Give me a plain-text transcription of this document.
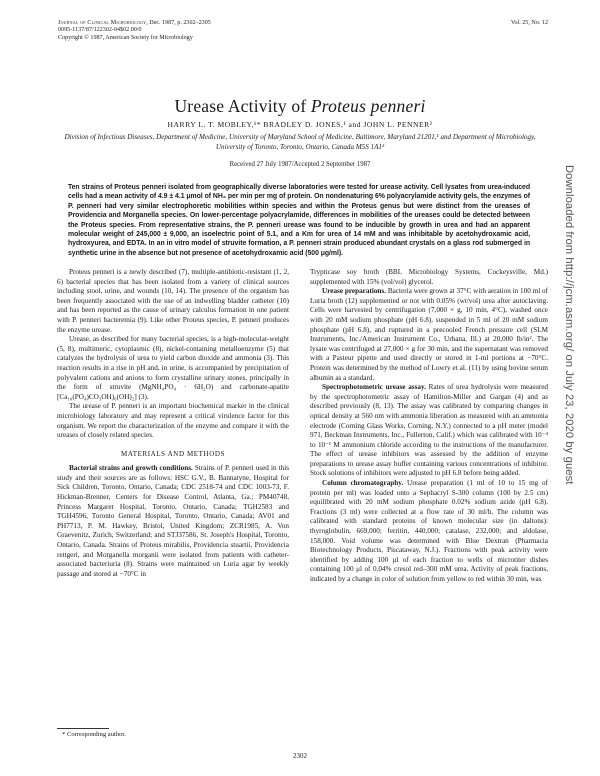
Journal of Clinical Microbiology, Dec. 1987, p. 2302–2305
0095-1137/87/122302-04$02.00/0
Copyright © 1987, American Society for Microbiology
Vol. 25, No. 12
Urease Activity of Proteus penneri
HARRY L. T. MOBLEY,¹* BRADLEY D. JONES,¹ and JOHN L. PENNER²
Division of Infectious Diseases, Department of Medicine, University of Maryland School of Medicine, Baltimore, Maryland 21201,¹ and Department of Microbiology, University of Toronto, Toronto, Ontario, Canada M5S 1A1²
Received 27 July 1987/Accepted 2 September 1987
Ten strains of Proteus penneri isolated from geographically diverse laboratories were tested for urease activity. Cell lysates from urea-induced cells had a mean activity of 4.9 ± 4.1 μmol of NH₃ per min per mg of protein. On nondenaturing 6% polyacrylamide activity gels, the enzymes of P. penneri had very similar electrophoretic mobilities within species and within the Proteus genus but were distinct from the ureases of Providencia and Morganella species. On lower-percentage polyacrylamide, differences in mobilities of the ureases could be detected between the Proteus species. From representative strains, the P. penneri urease was found to be inducible by growth in urea and had an apparent molecular weight of 245,000 ± 9,000, an isoelectric point of 5.1, and a Km for urea of 14 mM and was inhibitable by acetohydroxamic acid, hydroxyurea, and EDTA. In an in vitro model of struvite formation, a P. penneri strain produced abundant crystals on a glass rod submerged in synthetic urine in the absence but not presence of acetohydroxamic acid (500 μg/ml).

Proteus penneri is a newly described (7), multiple-antibiotic-resistant (1, 2, 6) bacterial species that has been isolated from a variety of clinical sources including stool, urine, and wounds (10, 14). The presence of the organism has been frequently associated with the use of an indwelling bladder catheter (10) and has been reported as the cause of urinary calculus formation in one patient with P. penneri bacteremia (9). Like other Proteus species, P. penneri produces the enzyme urease.

Urease, as described for many bacterial species, is a high-molecular-weight (5, 8), multimeric, cytoplasmic (8), nickel-containing metalloenzyme (5) that catalyzes the hydrolysis of urea to yield carbon dioxide and ammonia (3). This reaction results in a rise in pH and, in urine, is accompanied by precipitation of polyvalent cations and anions to form crystalline urinary stones, principally in the form of struvite (MgNH₄PO₄ · 6H₂O) and carbonate-apatite [Ca₁₀(PO₄)CO₃OH)₆(OH)₂] (3).

The urease of P. penneri is an important biochemical marker in the clinical microbiology laboratory and may represent a critical virulence factor for this organism. We report the characterization of the enzyme and compare it with the ureases of closely related species.

MATERIALS AND METHODS

Bacterial strains and growth conditions. Strains of P. penneri used in this study and their sources are as follows: HSC G.V., B. Bannatyne, Hospital for Sick Children, Toronto, Ontario, Canada; CDC 2518-74 and CDC 1003-73, F. Hickman-Brenner, Centers for Disease Control, Atlanta, Ga.; PM40748, Princess Margaret Hospital, Toronto, Ontario, Canada; TGH2583 and TGH4596, Toronto General Hospital, Toronto, Ontario, Canada; AV01 and PH7713, P. M. Hawkey, Bristol, United Kingdom; ZCR1985, A. Von Graevenitz, Zurich, Switzerland; and STJ37586, St. Joseph's Hospital, Toronto, Ontario, Canada. Strains of Proteus mirabilis, Providencia stuartii, Providencia rettgeri, and Morganella morganii were isolated from patients with catheter-associated bacteriuria (8). Strains were maintained on Luria agar by weekly passage and stored at −70°C in

Trypticase soy broth (BBL Microbiology Systems, Cockeysville, Md.) supplemented with 15% (vol/vol) glycerol.

Urease preparations. Bacteria were grown at 37°C with aeration in 100 ml of Luria broth (12) supplemented or not with 0.05% (wt/vol) urea after autoclaving. Cells were harvested by centrifugation (7,000 × g, 10 min, 4°C), washed once with 20 mM sodium phosphate (pH 6.8), suspended in 5 ml of 20 mM sodium phosphate (pH 6.8), and ruptured in a precooled French pressure cell (SLM Instruments, Inc./American Instrument Co., Urbana, Ill.) at 20,000 lb/in². The lysate was centrifuged at 27,000 × g for 30 min, and the supernatant was removed with a Pasteur pipette and used directly or stored in 1-ml portions at −70°C. Protein was determined by the method of Lowry et al. (11) by using bovine serum albumin as a standard.

Spectrophotometric urease assay. Rates of urea hydrolysis were measured by the spectrophotometric assay of Hamilton-Miller and Gargan (4) and as described previously (8, 13). The assay was calibrated by comparing changes in optical density at 560 nm with ammonia liberation as measured with an ammonia electrode (Corning Glass Works, Corning, N.Y.) connected to a pH meter (model 971, Beckman Instruments, Inc., Fullerton, Calif.) which was calibrated with 10⁻⁴ to 10⁻¹ M ammonium chloride according to the instructions of the manufacturer. The effect of urease inhibitors was assessed by the addition of enzyme preparations to urease assay buffer containing various concentrations of inhibitor. Stock solutions of inhibitors were adjusted to pH 6.8 before being added.

Column chromatography. Urease preparation (1 ml of 10 to 15 mg of protein per ml) was loaded onto a Sephacryl S-300 column (100 by 2.5 cm) equilibrated with 20 mM sodium phosphate 0.02% sodium azide (pH 6.8). Fractions (3 ml) were collected at a flow rate of 30 ml/h. The column was calibrated with standard proteins of known molecular size (in daltons): thyroglobulin, 669,000; ferritin, 440,000; catalase, 232,000; and aldolase, 158,000. Void volume was determined with Blue Dextran (Pharmacia Biotechnology Products, Piscataway, N.J.). Fractions with peak activity were identified by adding 100 μl of each fraction to wells of microtiter dishes containing 100 μl of 0.04% cresol red–300 mM urea. Activity of peak fractions, indicated by a change in color of solution from yellow to red within 30 min, was

* Corresponding author.
2302
Downloaded from http://jcm.asm.org/ on July 23, 2020 by guest
